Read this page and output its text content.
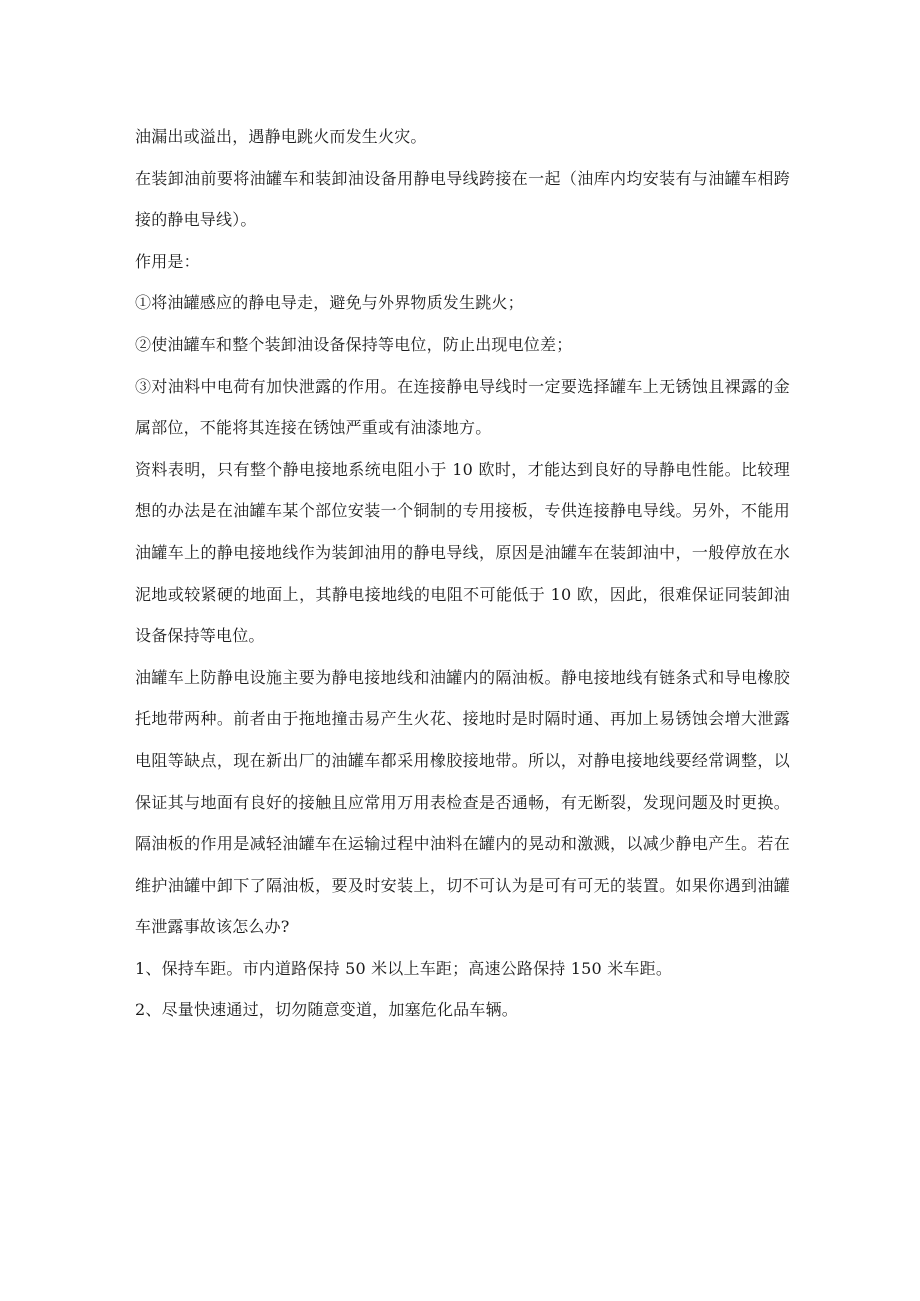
油漏出或溢出，遇静电跳火而发生火灾。

在装卸油前要将油罐车和装卸油设备用静电导线跨接在一起（油库内均安装有与油罐车相跨接的静电导线）。

作用是：

①将油罐感应的静电导走，避免与外界物质发生跳火；

②使油罐车和整个装卸油设备保持等电位，防止出现电位差；

③对油料中电荷有加快泄露的作用。在连接静电导线时一定要选择罐车上无锈蚀且裸露的金属部位，不能将其连接在锈蚀严重或有油漆地方。

资料表明，只有整个静电接地系统电阻小于 10 欧时，才能达到良好的导静电性能。比较理想的办法是在油罐车某个部位安装一个铜制的专用接板，专供连接静电导线。另外，不能用油罐车上的静电接地线作为装卸油用的静电导线，原因是油罐车在装卸油中，一般停放在水泥地或较紧硬的地面上，其静电接地线的电阻不可能低于 10 欧，因此，很难保证同装卸油设备保持等电位。

油罐车上防静电设施主要为静电接地线和油罐内的隔油板。静电接地线有链条式和导电橡胶托地带两种。前者由于拖地撞击易产生火花、接地时是时隔时通、再加上易锈蚀会增大泄露电阻等缺点，现在新出厂的油罐车都采用橡胶接地带。所以，对静电接地线要经常调整，以保证其与地面有良好的接触且应常用万用表检查是否通畅，有无断裂，发现问题及时更换。隔油板的作用是减轻油罐车在运输过程中油料在罐内的晃动和激溅，以减少静电产生。若在维护油罐中卸下了隔油板，要及时安装上，切不可认为是可有可无的装置。如果你遇到油罐车泄露事故该怎么办?

1、保持车距。市内道路保持 50 米以上车距；高速公路保持 150 米车距。

2、尽量快速通过，切勿随意变道，加塞危化品车辆。
